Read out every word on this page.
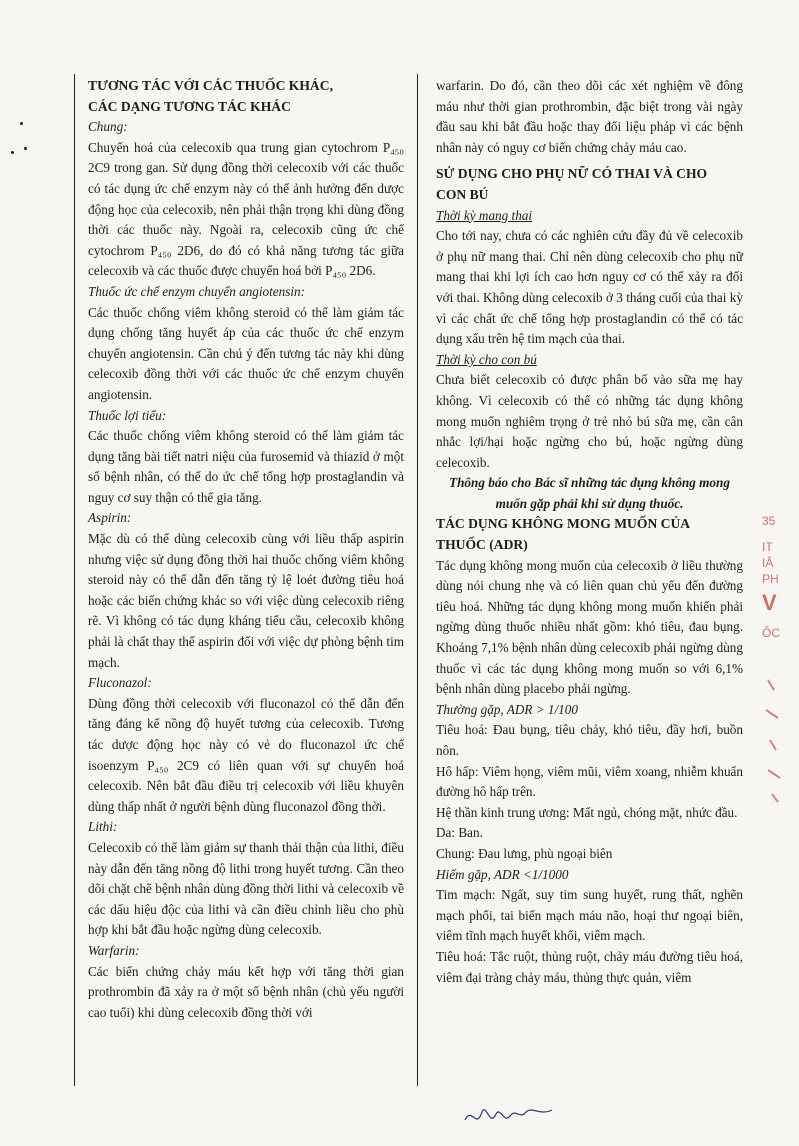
TƯƠNG TÁC VỚI CÁC THUỐC KHÁC,

CÁC DẠNG TƯƠNG TÁC KHÁC

Chung:

Chuyển hoá của celecoxib qua trung gian cytochrom P₄₅₀ 2C9 trong gan. Sử dụng đồng thời celecoxib với các thuốc có tác dụng ức chế enzym này có thể ảnh hưởng đến dược động học của celecoxib, nên phải thận trọng khi dùng đồng thời các thuốc này. Ngoài ra, celecoxib cũng ức chế cytochrom P₄₅₀ 2D6, do đó có khả năng tương tác giữa celecoxib và các thuốc được chuyển hoá bởi P₄₅₀ 2D6.

Thuốc ức chế enzym chuyển angiotensin:

Các thuốc chống viêm không steroid có thể làm giảm tác dụng chống tăng huyết áp của các thuốc ức chế enzym chuyển angiotensin. Cần chú ý đến tương tác này khi dùng celecoxib đồng thời với các thuốc ức chế enzym chuyển angiotensin.

Thuốc lợi tiểu:

Các thuốc chống viêm không steroid có thể làm giảm tác dụng tăng bài tiết natri niệu của furosemid và thiazid ở một số bệnh nhân, có thể do ức chế tổng hợp prostaglandin và nguy cơ suy thận có thể gia tăng.

Aspirin:

Mặc dù có thể dùng celecoxib cùng với liều thấp aspirin nhưng việc sử dụng đồng thời hai thuốc chống viêm không steroid này có thể dẫn đến tăng tỷ lệ loét đường tiêu hoá hoặc các biến chứng khác so với việc dùng celecoxib riêng rẽ. Vì không có tác dụng kháng tiểu cầu, celecoxib không phải là chất thay thế aspirin đối với việc dự phòng bệnh tim mạch.

Fluconazol:

Dùng đồng thời celecoxib với fluconazol có thể dẫn đến tăng đáng kể nồng độ huyết tương của celecoxib. Tương tác dược động học này có vẻ do fluconazol ức chế isoenzym P₄₅₀ 2C9 có liên quan với sự chuyển hoá celecoxib. Nên bắt đầu điều trị celecoxib với liều khuyên dùng thấp nhất ở người bệnh dùng fluconazol đồng thời.

Lithi:

Celecoxib có thể làm giảm sự thanh thải thận của lithi, điều này dẫn đến tăng nồng độ lithi trong huyết tương. Cần theo dõi chặt chẽ bệnh nhân dùng đồng thời lithi và celecoxib về các dấu hiệu độc của lithi và cần điều chỉnh liều cho phù hợp khi bắt đầu hoặc ngừng dùng celecoxib.

Warfarin:

Các biến chứng chảy máu kết hợp với tăng thời gian prothrombin đã xảy ra ở một số bệnh nhân (chủ yếu người cao tuổi) khi dùng celecoxib đồng thời với

warfarin. Do đó, cần theo dõi các xét nghiệm về đông máu như thời gian prothrombin, đặc biệt trong vài ngày đầu sau khi bắt đầu hoặc thay đổi liệu pháp vì các bệnh nhân này có nguy cơ biến chứng chảy máu cao.

SỬ DỤNG CHO PHỤ NỮ CÓ THAI VÀ CHO

CON BÚ

Thời kỳ mang thai

Cho tới nay, chưa có các nghiên cứu đầy đủ về celecoxib ở phụ nữ mang thai. Chỉ nên dùng celecoxib cho phụ nữ mang thai khi lợi ích cao hơn nguy cơ có thể xảy ra đối với thai. Không dùng celecoxib ở 3 tháng cuối của thai kỳ vì các chất ức chế tổng hợp prostaglandin có thể có tác dụng xấu trên hệ tim mạch của thai.

Thời kỳ cho con bú

Chưa biết celecoxib có được phân bố vào sữa mẹ hay không. Vì celecoxib có thể có những tác dụng không mong muốn nghiêm trọng ở trẻ nhỏ bú sữa mẹ, cần cân nhắc lợi/hại hoặc ngừng cho bú, hoặc ngừng dùng celecoxib.

Thông báo cho Bác sĩ những tác dụng không mong muốn gặp phải khi sử dụng thuốc.

TÁC DỤNG KHÔNG MONG MUỐN CỦA

THUỐC (ADR)

Tác dụng không mong muốn của celecoxib ở liều thường dùng nói chung nhẹ và có liên quan chủ yếu đến đường tiêu hoá. Những tác dụng không mong muốn khiến phải ngừng dùng thuốc nhiều nhất gồm: khó tiêu, đau bụng. Khoảng 7,1% bệnh nhân dùng celecoxib phải ngừng dùng thuốc vì các tác dụng không mong muốn so với 6,1% bệnh nhân dùng placebo phải ngừng.

Thường gặp, ADR > 1/100

Tiêu hoá: Đau bụng, tiêu chảy, khó tiêu, đầy hơi, buồn nôn.

Hô hấp: Viêm họng, viêm mũi, viêm xoang, nhiễm khuẩn đường hô hấp trên.

Hệ thần kinh trung ương: Mất ngủ, chóng mặt, nhức đầu.

Da: Ban.

Chung: Đau lưng, phù ngoại biên

Hiếm gặp, ADR <1/1000

Tim mạch: Ngất, suy tim sung huyết, rung thất, nghẽn mạch phổi, tai biến mạch máu não, hoại thư ngoại biên, viêm tĩnh mạch huyết khối, viêm mạch.

Tiêu hoá: Tắc ruột, thủng ruột, chảy máu đường tiêu hoá, viêm đại tràng chảy máu, thủng thực quản, viêm

35
IT
IÂ
PH
V
ÔC
